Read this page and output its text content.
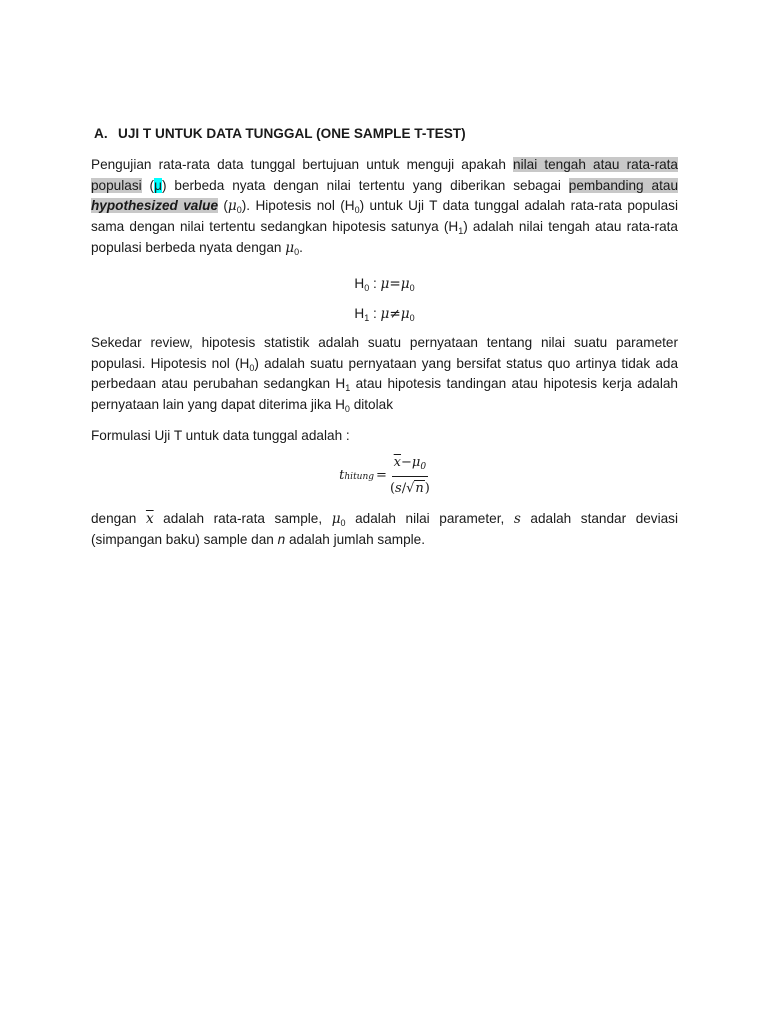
A. UJI T UNTUK DATA TUNGGAL (ONE SAMPLE T-TEST)

Pengujian rata-rata data tunggal bertujuan untuk menguji apakah nilai tengah atau rata-rata populasi (μ) berbeda nyata dengan nilai tertentu yang diberikan sebagai pembanding atau hypothesized value $(\mu_0)$. Hipotesis nol $(H_0)$ untuk Uji T data tunggal adalah rata-rata populasi sama dengan nilai tertentu sedangkan hipotesis satunya $(H_1)$ adalah nilai tengah atau rata-rata populasi berbeda nyata dengan $\mu_0$.

$H_0$ : $\mu=\mu_0$
$H_1$ : $\mu\ne\mu_0$

Sekedar review, hipotesis statistik adalah suatu pernyataan tentang nilai suatu parameter populasi. Hipotesis nol $(H_0)$ adalah suatu pernyataan yang bersifat status quo artinya tidak ada perbedaan atau perubahan sedangkan $H_1$ atau hipotesis tandingan atau hipotesis kerja adalah pernyataan lain yang dapat diterima jika $H_0$ ditolak

Formulasi Uji T untuk data tunggal adalah :

t hitung = $\frac{\overline{x}-\mu_0}{(s/√n)}$

dengan $\overline{x}$ adalah rata-rata sample, $\mu_0$ adalah nilai parameter, s adalah standar deviasi (simpangan baku) sample dan n adalah jumlah sample.
